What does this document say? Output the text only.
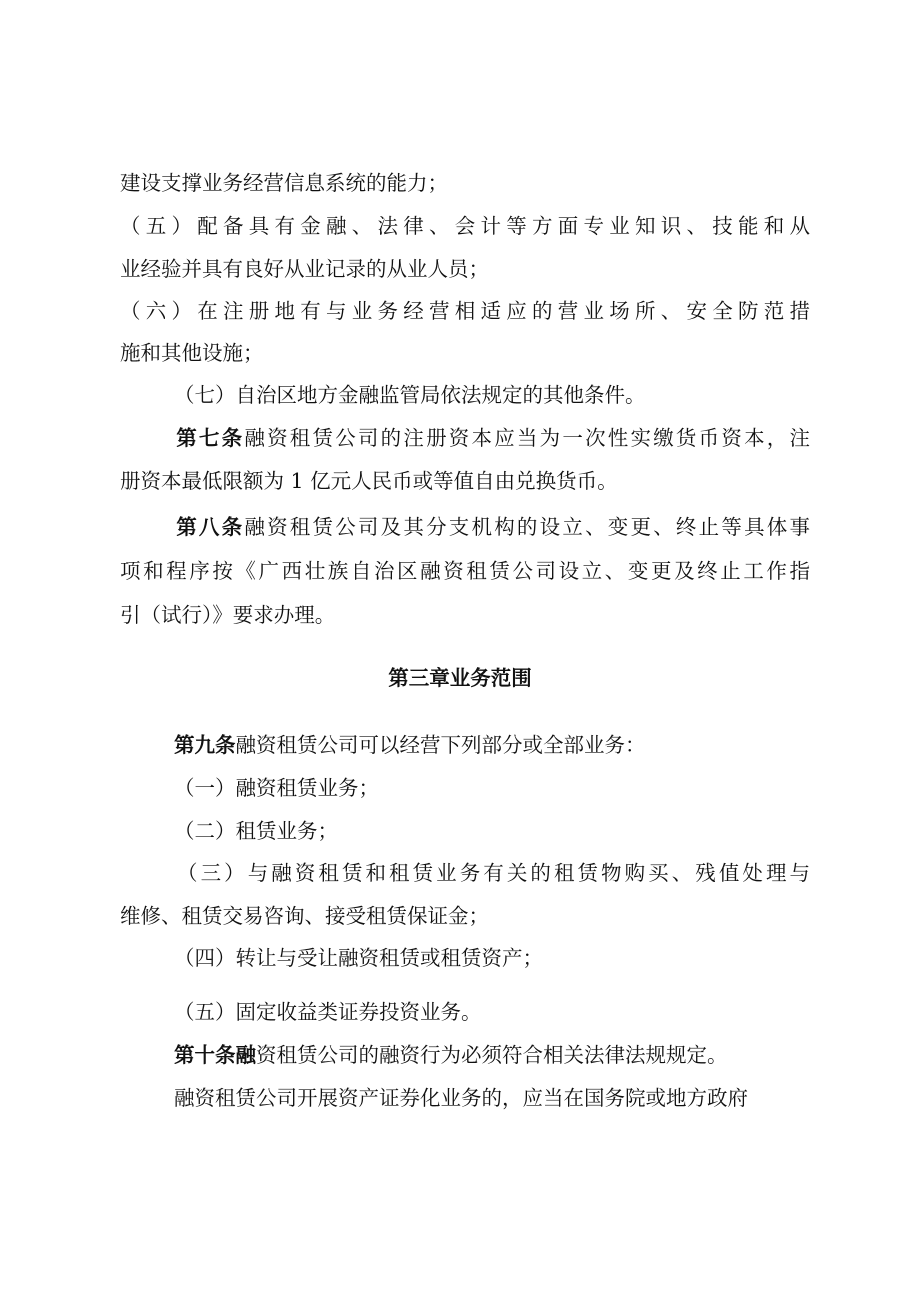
建设支撑业务经营信息系统的能力；
（五）配备具有金融、法律、会计等方面专业知识、技能和从
业经验并具有良好从业记录的从业人员；
（六）在注册地有与业务经营相适应的营业场所、安全防范措
施和其他设施；
（七）自治区地方金融监管局依法规定的其他条件。
第七条融资租赁公司的注册资本应当为一次性实缴货币资本，注
册资本最低限额为 1 亿元人民币或等值自由兑换货币。
第八条融资租赁公司及其分支机构的设立、变更、终止等具体事
项和程序按《广西壮族自治区融资租赁公司设立、变更及终止工作指
引（试行）》要求办理。
第三章业务范围
第九条融资租赁公司可以经营下列部分或全部业务：
（一）融资租赁业务；
（二）租赁业务；
（三）与融资租赁和租赁业务有关的租赁物购买、残值处理与
维修、租赁交易咨询、接受租赁保证金；
（四）转让与受让融资租赁或租赁资产；
（五）固定收益类证券投资业务。
第十条融资租赁公司的融资行为必须符合相关法律法规规定。
融资租赁公司开展资产证券化业务的，应当在国务院或地方政府
